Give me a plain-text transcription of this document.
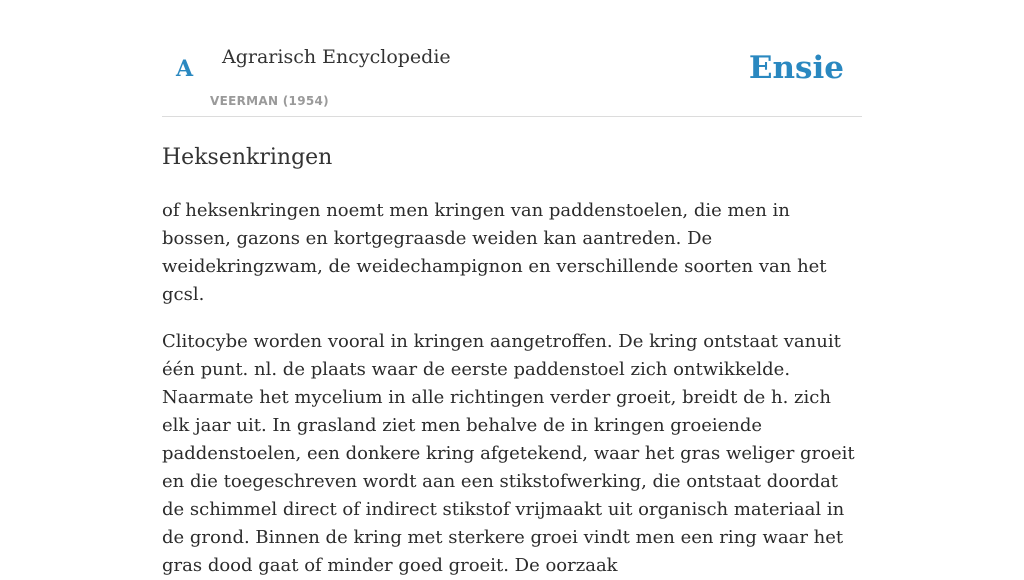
A Agrarisch Encyclopedie
VEERMAN (1954)
Ensie
Heksenkringen

of heksenkringen noemt men kringen van paddenstoelen, die men in bossen, gazons en kortgegraasde weiden kan aantreden. De weidekringzwam, de weidechampignon en verschillende soorten van het gcsl.

Clitocybe worden vooral in kringen aangetroffen. De kring ontstaat vanuit één punt. nl. de plaats waar de eerste paddenstoel zich ontwikkelde. Naarmate het mycelium in alle richtingen verder groeit, breidt de h. zich elk jaar uit. In grasland ziet men behalve de in kringen groeiende paddenstoelen, een donkere kring afgetekend, waar het gras weliger groeit en die toegeschreven wordt aan een stikstofwerking, die ontstaat doordat de schimmel direct of indirect stikstof vrijmaakt uit organisch materiaal in de grond. Binnen de kring met sterkere groei vindt men een ring waar het gras dood gaat of minder goed groeit. De oorzaak
